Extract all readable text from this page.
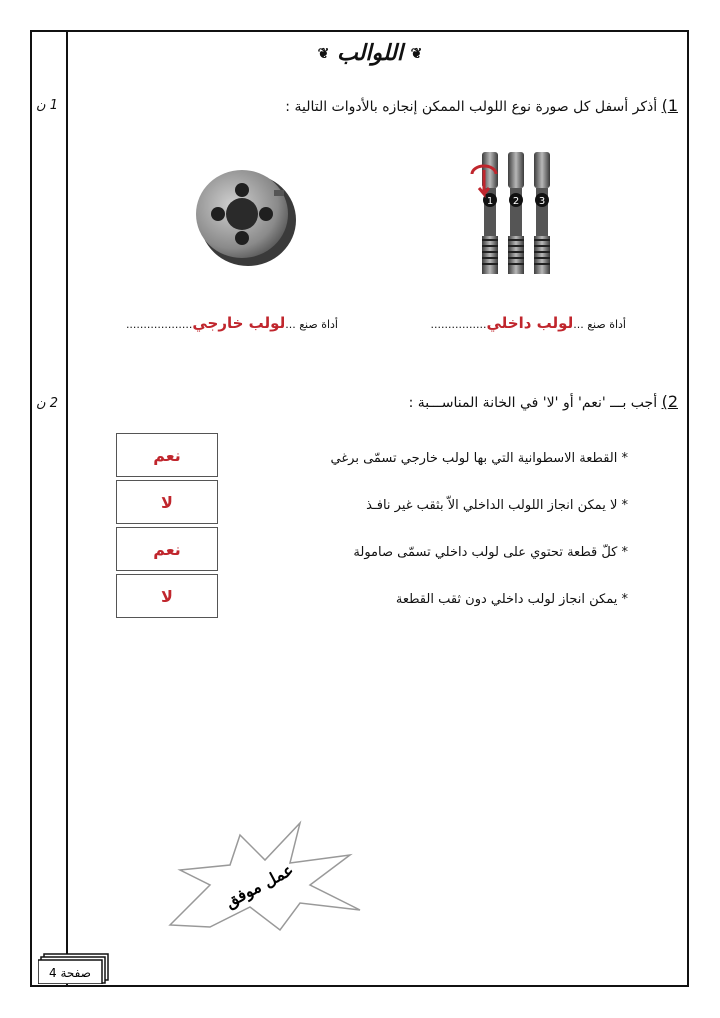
❦ اللوالب ❦
1 ن	1) أذكر أسفل كل صورة نوع اللولب الممكن إنجازه بالأدوات التالية :
1 2 3
أداة صنع ...لولب داخلي................
أداة صنع ...لولب خارجي...................
2 ن	2) أجب بـــ 'نعم' أو 'لا' في الخانة المناســـبة :
* القطعة الاسطوانية التي بها لولب خارجي تسمّى برغي
* لا يمكن انجاز اللولب الداخلي الاّ بثقب غير نافـذ
* كلّ قطعة تحتوي على لولب داخلي تسمّى صامولة
* يمكن انجاز لولب داخلي دون ثقب القطعة
نعم
لا
نعم
لا
عمل موفق
صفحة 4
